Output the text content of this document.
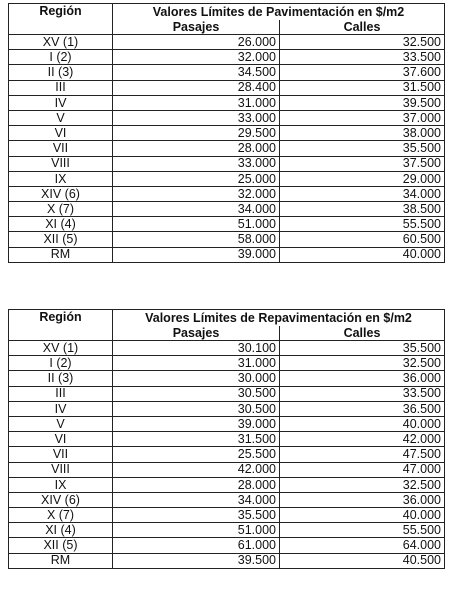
Región	Valores Límites de Pavimentación en $/m2	
	Pasajes	Calles
XV (1)	26.000	32.500
I (2)	32.000	33.500
II (3)	34.500	37.600
III	28.400	31.500
IV	31.000	39.500
V	33.000	37.000
VI	29.500	38.000
VII	28.000	35.500
VIII	33.000	37.500
IX	25.000	29.000
XIV (6)	32.000	34.000
X (7)	34.000	38.500
XI (4)	51.000	55.500
XII (5)	58.000	60.500
RM	39.000	40.000
Región	Valores Límites de Repavimentación en $/m2	
	Pasajes	Calles
XV (1)	30.100	35.500
I (2)	31.000	32.500
II (3)	30.000	36.000
III	30.500	33.500
IV	30.500	36.500
V	39.000	40.000
VI	31.500	42.000
VII	25.500	47.500
VIII	42.000	47.000
IX	28.000	32.500
XIV (6)	34.000	36.000
X (7)	35.500	40.000
XI (4)	51.000	55.500
XII (5)	61.000	64.000
RM	39.500	40.500
